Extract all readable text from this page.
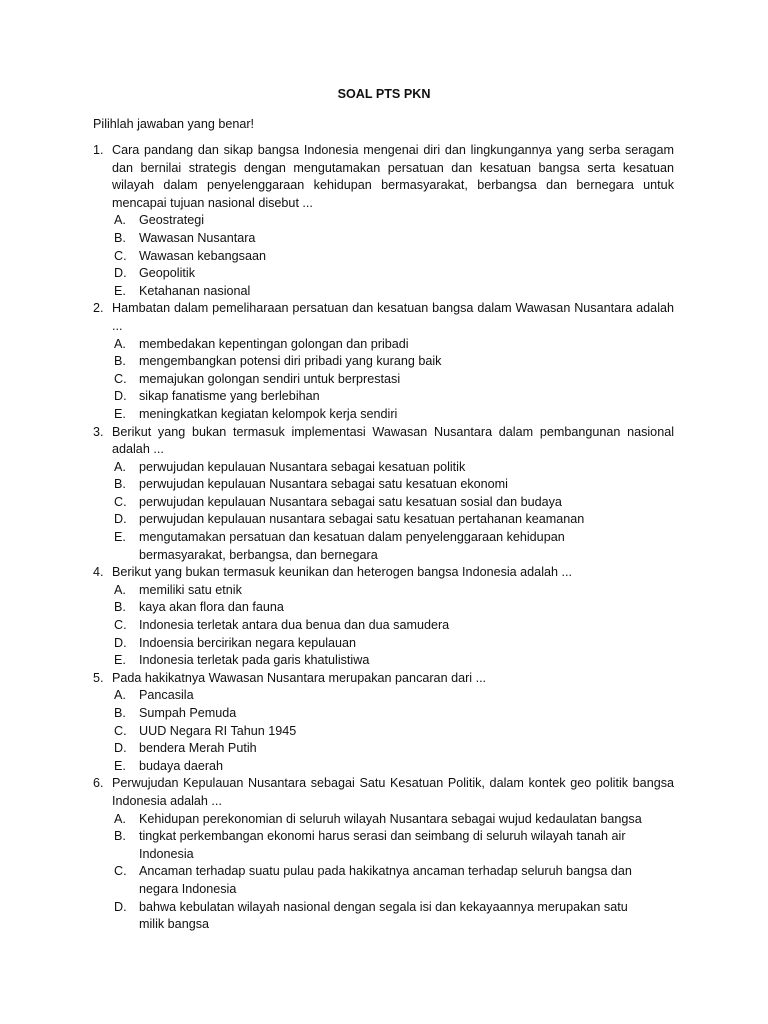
SOAL PTS PKN
Pilihlah jawaban yang benar!
1. Cara pandang dan sikap bangsa Indonesia mengenai diri dan lingkungannya yang serba seragam dan bernilai strategis dengan mengutamakan persatuan dan kesatuan bangsa serta kesatuan wilayah dalam penyelenggaraan kehidupan bermasyarakat, berbangsa dan bernegara untuk mencapai tujuan nasional disebut ...
A. Geostrategi
B. Wawasan Nusantara
C. Wawasan kebangsaan
D. Geopolitik
E. Ketahanan nasional
2. Hambatan dalam pemeliharaan persatuan dan kesatuan bangsa dalam Wawasan Nusantara adalah ...
A. membedakan kepentingan golongan dan pribadi
B. mengembangkan potensi diri pribadi yang kurang baik
C. memajukan golongan sendiri untuk berprestasi
D. sikap fanatisme yang berlebihan
E. meningkatkan kegiatan kelompok kerja sendiri
3. Berikut yang bukan termasuk implementasi Wawasan Nusantara dalam pembangunan nasional adalah ...
A. perwujudan kepulauan Nusantara sebagai kesatuan politik
B. perwujudan kepulauan Nusantara sebagai satu kesatuan ekonomi
C. perwujudan kepulauan Nusantara sebagai satu kesatuan sosial dan budaya
D. perwujudan kepulauan nusantara sebagai satu kesatuan pertahanan keamanan
E. mengutamakan persatuan dan kesatuan dalam penyelenggaraan kehidupan bermasyarakat, berbangsa, dan bernegara
4. Berikut yang bukan termasuk keunikan dan heterogen bangsa Indonesia adalah ...
A. memiliki satu etnik
B. kaya akan flora dan fauna
C. Indonesia terletak antara dua benua dan dua samudera
D. Indoensia bercirikan negara kepulauan
E. Indonesia terletak pada garis khatulistiwa
5. Pada hakikatnya Wawasan Nusantara merupakan pancaran dari ...
A. Pancasila
B. Sumpah Pemuda
C. UUD Negara RI Tahun 1945
D. bendera Merah Putih
E. budaya daerah
6. Perwujudan Kepulauan Nusantara sebagai Satu Kesatuan Politik, dalam kontek geo politik bangsa Indonesia adalah ...
A. Kehidupan perekonomian di seluruh wilayah Nusantara sebagai wujud kedaulatan bangsa
B. tingkat perkembangan ekonomi harus serasi dan seimbang di seluruh wilayah tanah air Indonesia
C. Ancaman terhadap suatu pulau pada hakikatnya ancaman terhadap seluruh bangsa dan negara Indonesia
D. bahwa kebulatan wilayah nasional dengan segala isi dan kekayaannya merupakan satu milik bangsa
